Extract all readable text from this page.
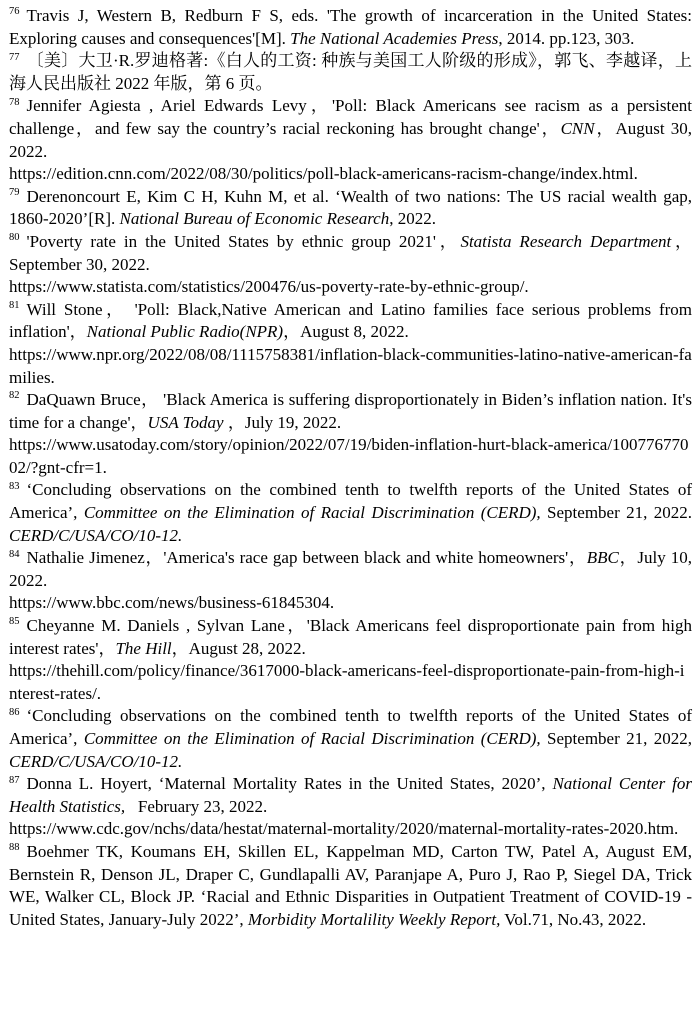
$^{76}$ Travis J, Western B, Redburn F S, eds. 'The growth of incarceration in the United States: Exploring causes and consequences'[M]. The National Academies Press, 2014. pp.123, 303.

$^{77}$ 〔美〕大卫·R.罗迪格著:《白人的工资: 种族与美国工人阶级的形成》，郭飞、李越译，上海人民出版社 2022 年版，第 6 页。

$^{78}$ Jennifer Agiesta , Ariel Edwards Levy，'Poll: Black Americans see racism as a persistent challenge，and few say the country’s racial reckoning has brought change'，CNN，August 30, 2022.
https://edition.cnn.com/2022/08/30/politics/poll-black-americans-racism-change/index.html.

$^{79}$ Derenoncourt E, Kim C H, Kuhn M, et al. ‘Wealth of two nations: The US racial wealth gap, 1860-2020’[R]. National Bureau of Economic Research, 2022.

$^{80}$ 'Poverty rate in the United States by ethnic group 2021'，Statista Research Department，September 30, 2022.
https://www.statista.com/statistics/200476/us-poverty-rate-by-ethnic-group/.

$^{81}$ Will Stone， 'Poll: Black,Native American and Latino families face serious problems from inflation'，National Public Radio(NPR)，August 8, 2022.
https://www.npr.org/2022/08/08/1115758381/inflation-black-communities-latino-native-american-families.

$^{82}$ DaQuawn Bruce， 'Black America is suffering disproportionately in Biden’s inflation nation. It's time for a change'，USA Today ，July 19, 2022.
https://www.usatoday.com/story/opinion/2022/07/19/biden-inflation-hurt-black-america/10077677002/?gnt-cfr=1.

$^{83}$ ‘Concluding observations on the combined tenth to twelfth reports of the United States of America’, Committee on the Elimination of Racial Discrimination (CERD), September 21, 2022. CERD/C/USA/CO/10-12.

$^{84}$ Nathalie Jimenez，'America's race gap between black and white homeowners'，BBC，July 10, 2022.
https://www.bbc.com/news/business-61845304.

$^{85}$ Cheyanne M. Daniels , Sylvan Lane，'Black Americans feel disproportionate pain from high interest rates'，The Hill，August 28, 2022.
https://thehill.com/policy/finance/3617000-black-americans-feel-disproportionate-pain-from-high-interest-rates/.

$^{86}$ ‘Concluding observations on the combined tenth to twelfth reports of the United States of America’, Committee on the Elimination of Racial Discrimination (CERD), September 21, 2022, CERD/C/USA/CO/10-12.

$^{87}$ Donna L. Hoyert, ‘Maternal Mortality Rates in the United States, 2020’, National Center for Health Statistics,   February 23, 2022.
https://www.cdc.gov/nchs/data/hestat/maternal-mortality/2020/maternal-mortality-rates-2020.htm.

$^{88}$ Boehmer TK, Koumans EH, Skillen EL, Kappelman MD, Carton TW, Patel A, August EM, Bernstein R, Denson JL, Draper C, Gundlapalli AV, Paranjape A, Puro J, Rao P, Siegel DA, Trick WE, Walker CL, Block JP. ‘Racial and Ethnic Disparities in Outpatient Treatment of COVID-19 - United States, January-July 2022’, Morbidity Mortalility Weekly Report, Vol.71, No.43, 2022.
